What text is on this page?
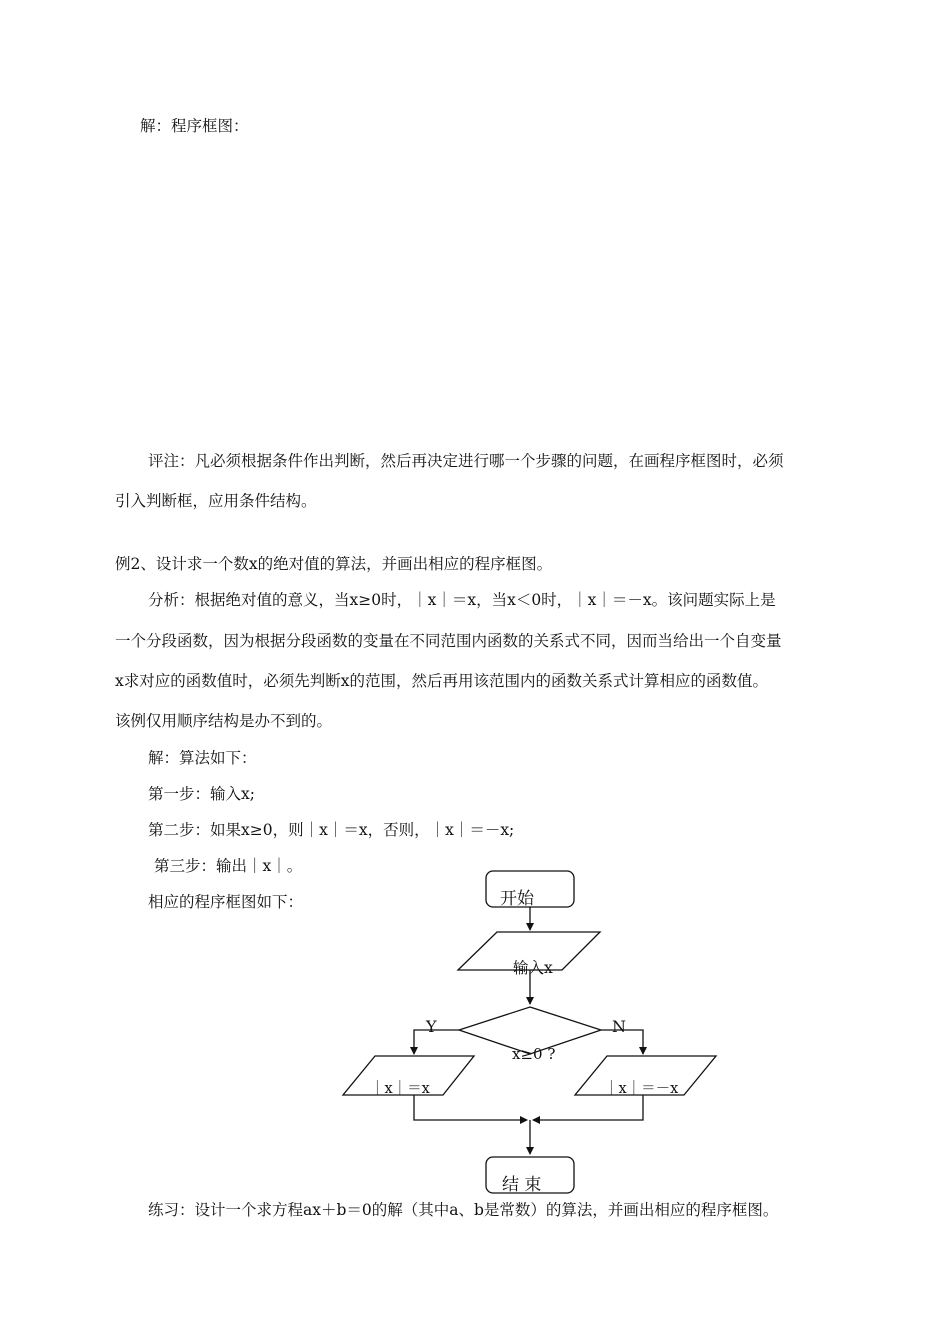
解：程序框图：
评注：凡必须根据条件作出判断，然后再决定进行哪一个步骤的问题，在画程序框图时，必须
引入判断框，应用条件结构。
例2、设计求一个数x的绝对值的算法，并画出相应的程序框图。
分析：根据绝对值的意义，当x≥0时，｜x｜＝x，当x＜0时，｜x｜＝－x。该问题实际上是
一个分段函数，因为根据分段函数的变量在不同范围内函数的关系式不同，因而当给出一个自变量
x求对应的函数值时，必须先判断x的范围，然后再用该范围内的函数关系式计算相应的函数值。
该例仅用顺序结构是办不到的。
解：算法如下：
第一步：输入x;
第二步：如果x≥0，则｜x｜＝x，否则，｜x｜＝－x;
第三步：输出｜x｜。
相应的程序框图如下：	开始
输入x
x≥0 ?
Y	N
｜x｜＝x	｜x｜＝－x
结 束
练习：设计一个求方程ax＋b＝0的解（其中a、b是常数）的算法，并画出相应的程序框图。
